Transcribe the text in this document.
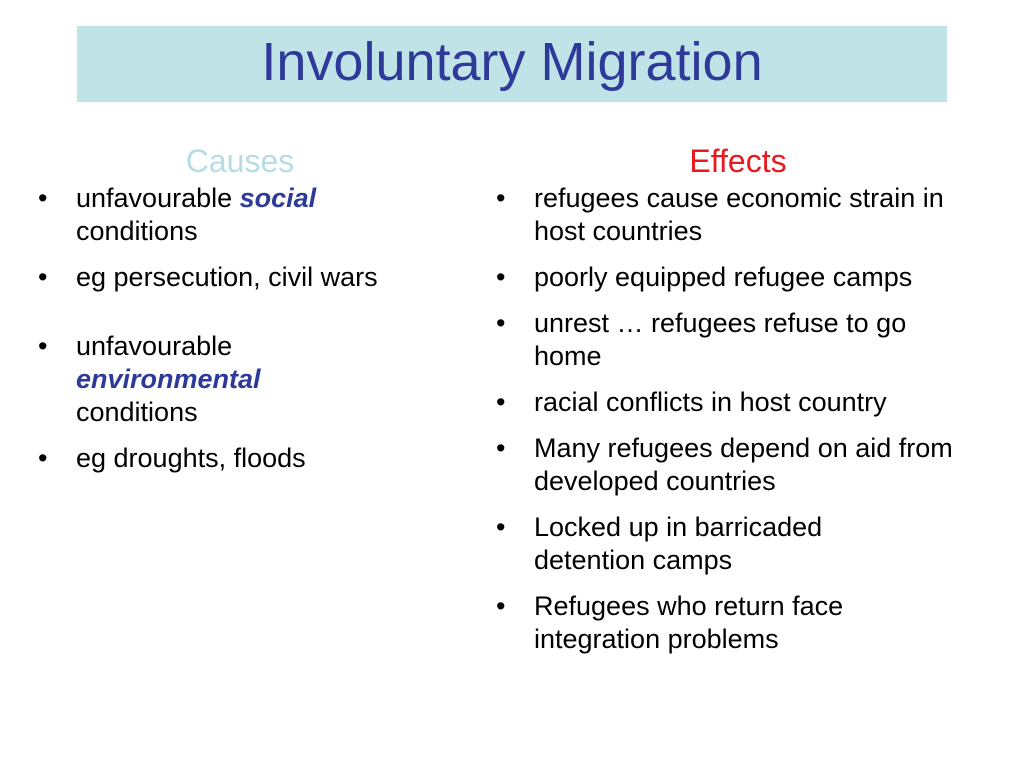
Involuntary Migration
Causes
• unfavourable social conditions
• eg persecution, civil wars
• unfavourable environmental conditions
• eg droughts, floods
Effects
• refugees cause economic strain in host countries
• poorly equipped refugee camps
• unrest … refugees refuse to go home
• racial conflicts in host country
• Many refugees depend on aid from developed countries
• Locked up in barricaded detention camps
• Refugees who return face integration problems
